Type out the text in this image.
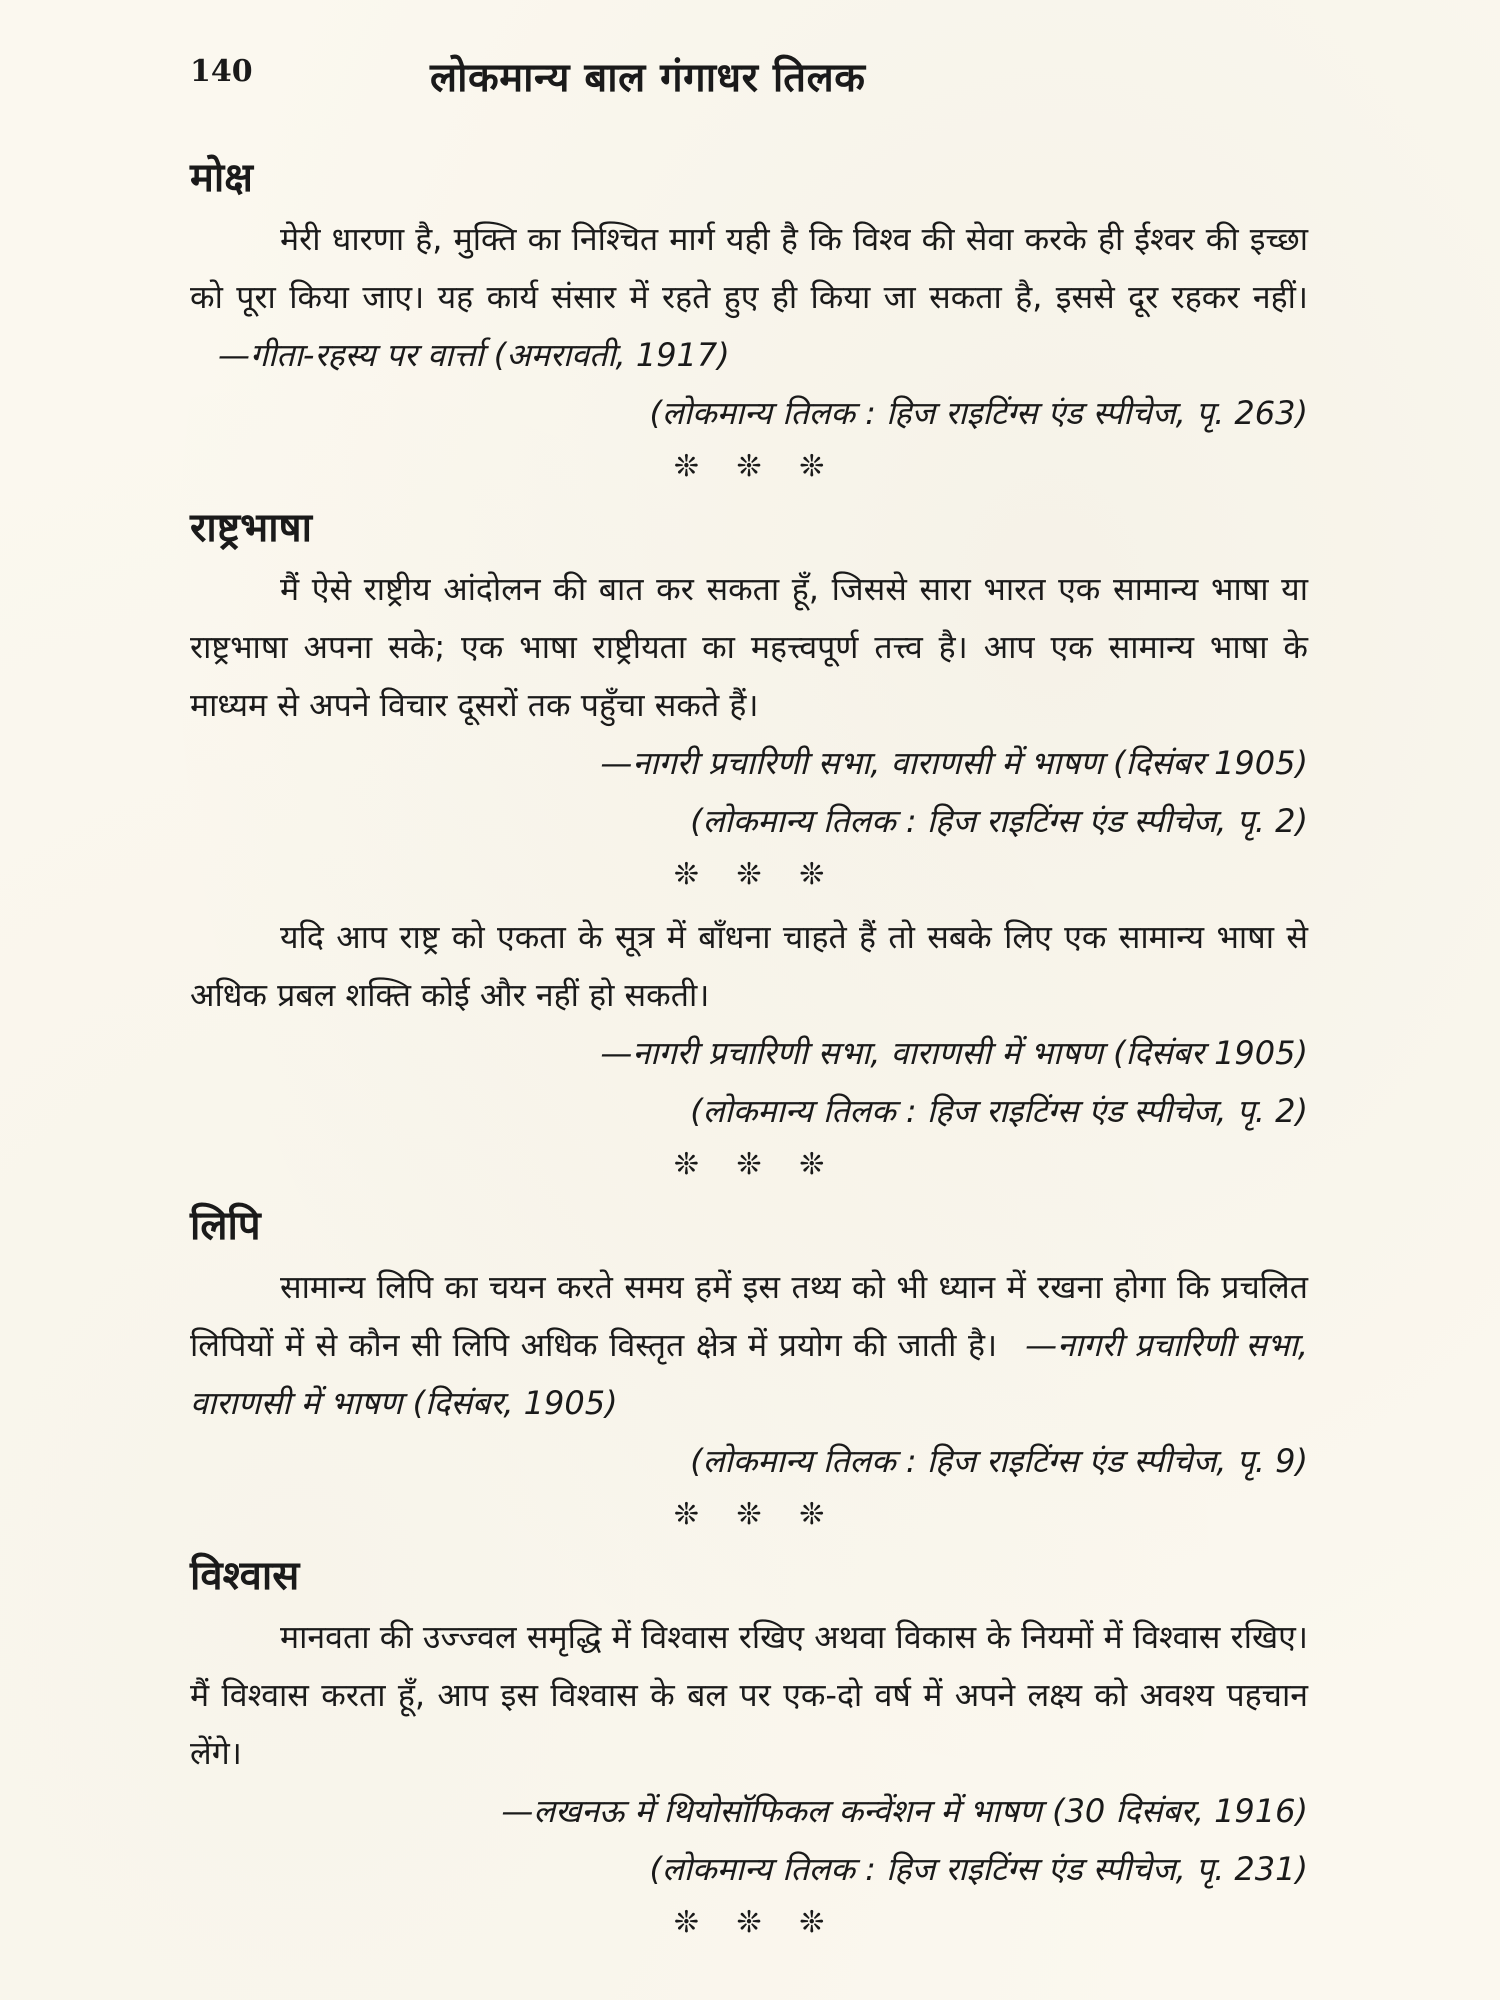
140	लोकमान्य बाल गंगाधर तिलक
मोक्ष

मेरी धारणा है, मुक्ति का निश्चित मार्ग यही है कि विश्व की सेवा करके ही ईश्वर की इच्छा को पूरा किया जाए। यह कार्य संसार में रहते हुए ही किया जा सकता है, इससे दूर रहकर नहीं।—गीता-रहस्य पर वार्त्ता (अमरावती, 1917)

(लोकमान्य तिलक : हिज राइटिंग्स एंड स्पीचेज, पृ. 263)

❊ ❊ ❊
राष्ट्रभाषा

मैं ऐसे राष्ट्रीय आंदोलन की बात कर सकता हूँ, जिससे सारा भारत एक सामान्य भाषा या राष्ट्रभाषा अपना सके; एक भाषा राष्ट्रीयता का महत्त्वपूर्ण तत्त्व है। आप एक सामान्य भाषा के माध्यम से अपने विचार दूसरों तक पहुँचा सकते हैं।

—नागरी प्रचारिणी सभा, वाराणसी में भाषण (दिसंबर 1905)

(लोकमान्य तिलक : हिज राइटिंग्स एंड स्पीचेज, पृ. 2)

❊ ❊ ❊

यदि आप राष्ट्र को एकता के सूत्र में बाँधना चाहते हैं तो सबके लिए एक सामान्य भाषा से अधिक प्रबल शक्ति कोई और नहीं हो सकती।

—नागरी प्रचारिणी सभा, वाराणसी में भाषण (दिसंबर 1905)

(लोकमान्य तिलक : हिज राइटिंग्स एंड स्पीचेज, पृ. 2)

❊ ❊ ❊
लिपि

सामान्य लिपि का चयन करते समय हमें इस तथ्य को भी ध्यान में रखना होगा कि प्रचलित लिपियों में से कौन सी लिपि अधिक विस्तृत क्षेत्र में प्रयोग की जाती है। —नागरी प्रचारिणी सभा, वाराणसी में भाषण (दिसंबर, 1905)

(लोकमान्य तिलक : हिज राइटिंग्स एंड स्पीचेज, पृ. 9)

❊ ❊ ❊
विश्वास

मानवता की उज्ज्वल समृद्धि में विश्वास रखिए अथवा विकास के नियमों में विश्वास रखिए। मैं विश्वास करता हूँ, आप इस विश्वास के बल पर एक-दो वर्ष में अपने लक्ष्य को अवश्य पहचान लेंगे।

—लखनऊ में थियोसॉफिकल कन्वेंशन में भाषण (30 दिसंबर, 1916)

(लोकमान्य तिलक : हिज राइटिंग्स एंड स्पीचेज, पृ. 231)

❊ ❊ ❊
